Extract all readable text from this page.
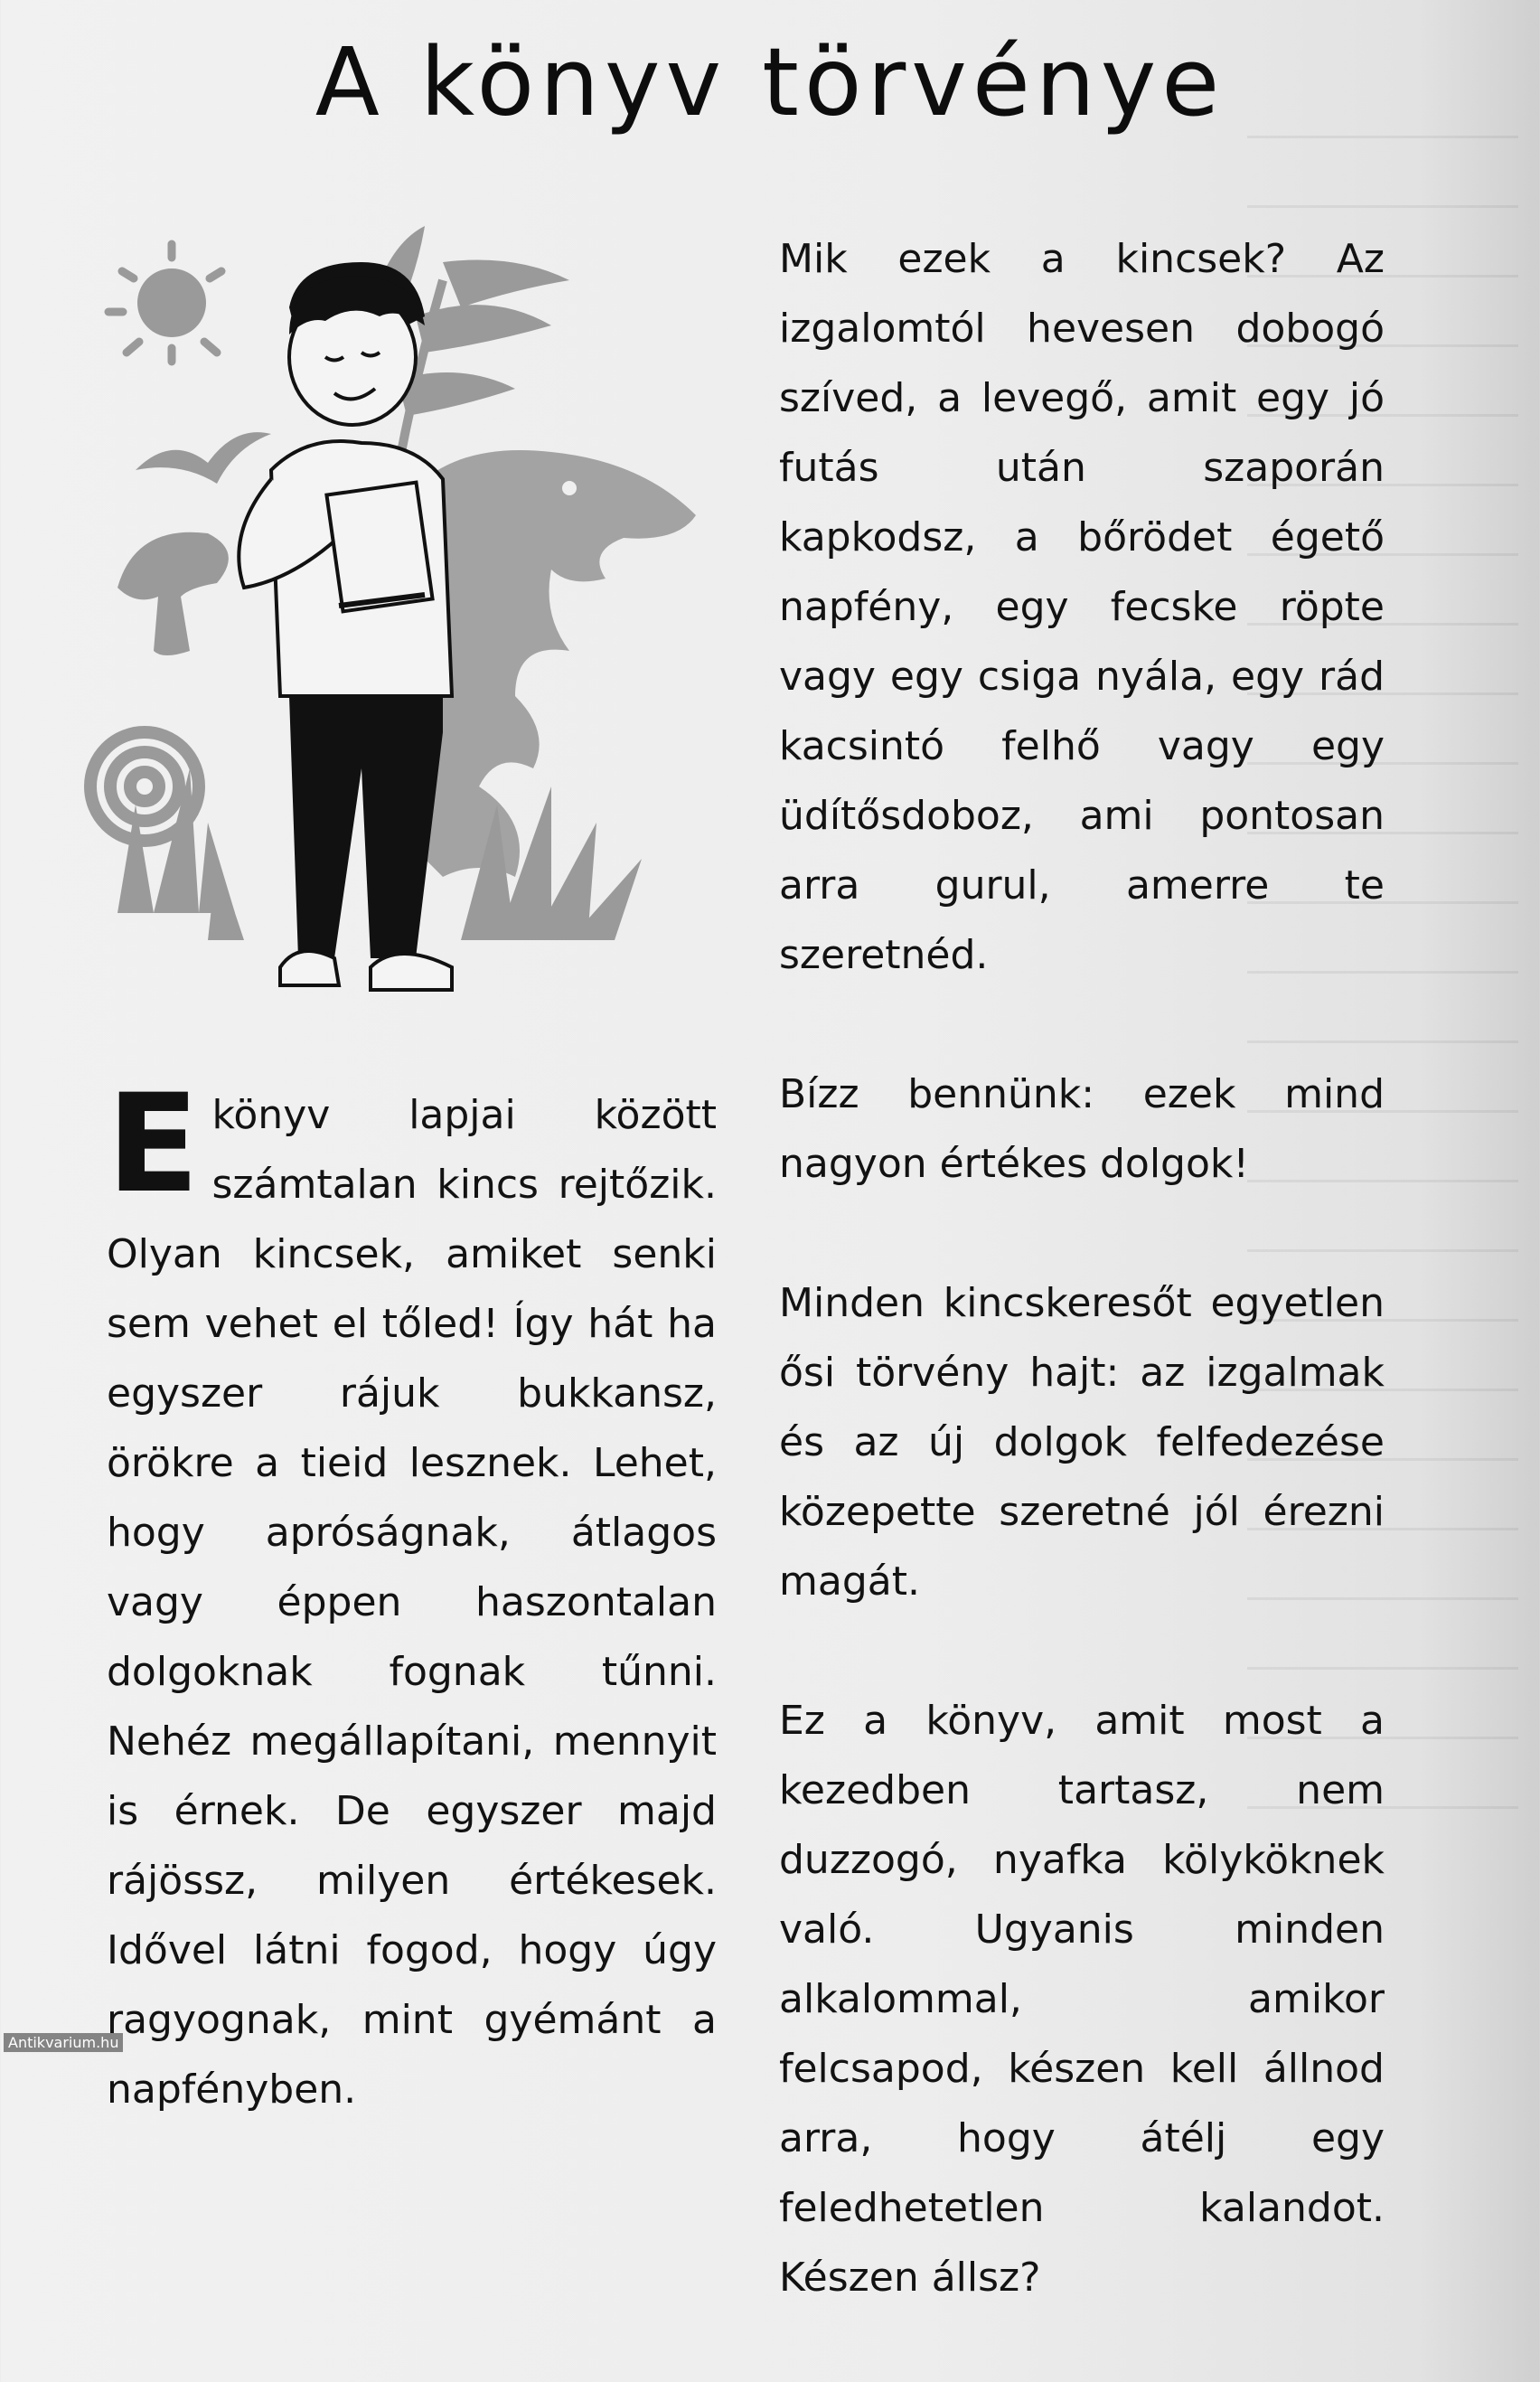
A könyv törvénye

E könyv lapjai között számtalan kincs rejtőzik. Olyan kincsek, amiket senki sem vehet el tőled! Így hát ha egyszer rájuk bukkansz, örökre a tieid lesznek. Lehet, hogy apróságnak, átlagos vagy éppen haszontalan dolgoknak fognak tűnni. Nehéz megállapítani, mennyit is érnek. De egyszer majd rájössz, milyen értékesek. Idővel látni fogod, hogy úgy ragyognak, mint gyémánt a napfényben.

Mik ezek a kincsek? Az izgalomtól hevesen dobogó szíved, a levegő, amit egy jó futás után szaporán kapkodsz, a bőrödet égető napfény, egy fecske röpte vagy egy csiga nyála, egy rád kacsintó felhő vagy egy üdítősdoboz, ami pontosan arra gurul, amerre te szeretnéd.

Bízz bennünk: ezek mind nagyon értékes dolgok!

Minden kincskeresőt egyetlen ősi törvény hajt: az izgalmak és az új dolgok felfedezése közepette szeretné jól érezni magát.

Ez a könyv, amit most a kezedben tartasz, nem duzzogó, nyafka kölyköknek való. Ugyanis minden alkalommal, amikor felcsapod, készen kell állnod arra, hogy átélj egy feledhetetlen kalandot. Készen állsz?

Antikvarium.hu
